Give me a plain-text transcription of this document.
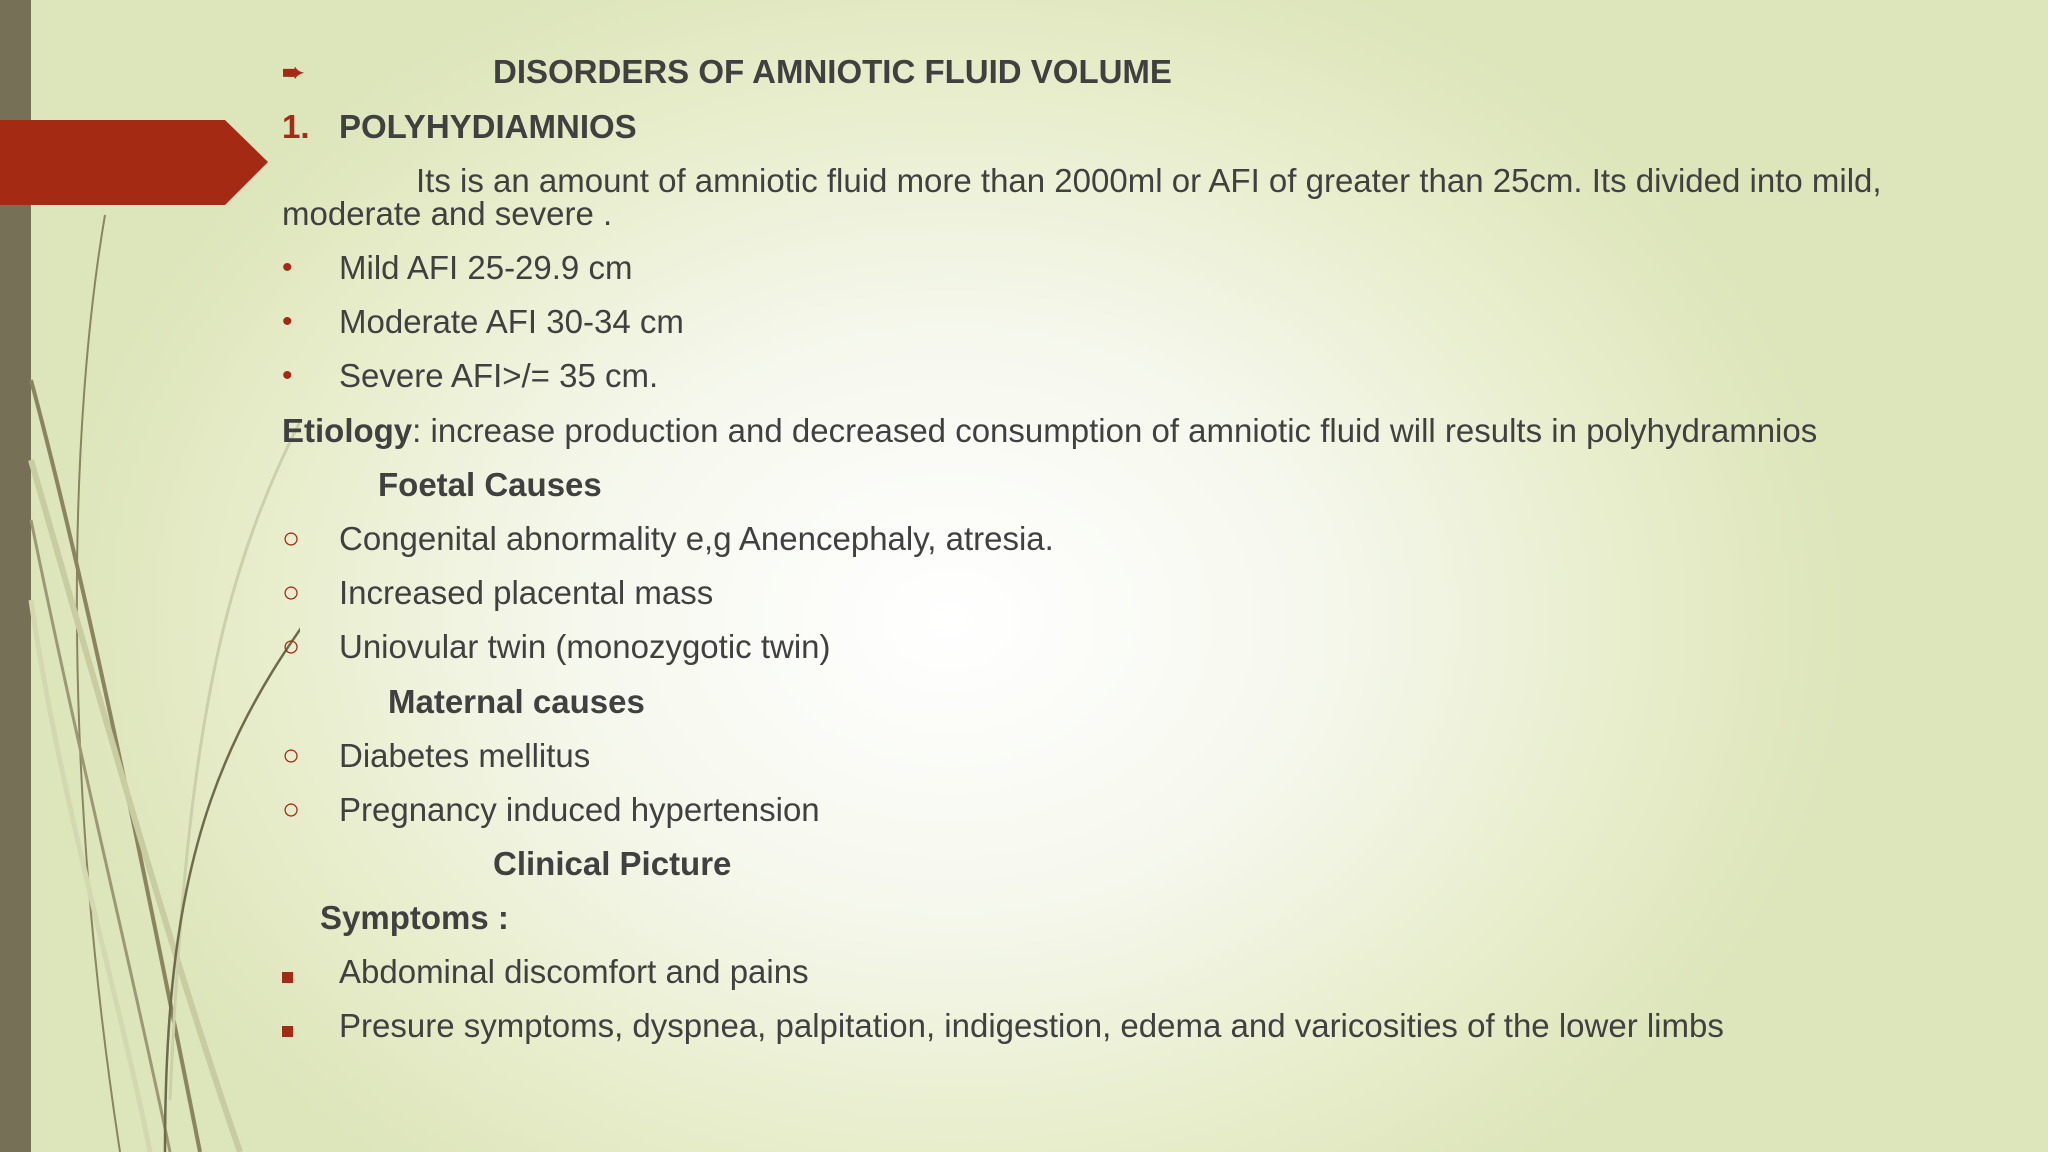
➨	DISORDERS OF AMNIOTIC FLUID VOLUME
1. POLYHYDIAMNIOS
Its is an amount of amniotic fluid more than 2000ml or AFI of greater than 25cm. Its divided into mild,
moderate and severe .
• Mild AFI 25-29.9 cm
• Moderate AFI 30-34 cm
• Severe AFI>/= 35 cm.
Etiology: increase production and decreased consumption of amniotic fluid will results in polyhydramnios
Foetal Causes
○ Congenital abnormality e,g Anencephaly, atresia.
○ Increased placental mass
○ Uniovular twin (monozygotic twin)
Maternal causes
○ Diabetes mellitus
○ Pregnancy induced hypertension
Clinical Picture
Symptoms :
Abdominal discomfort and pains
Presure symptoms, dyspnea, palpitation, indigestion, edema and varicosities of the lower limbs
